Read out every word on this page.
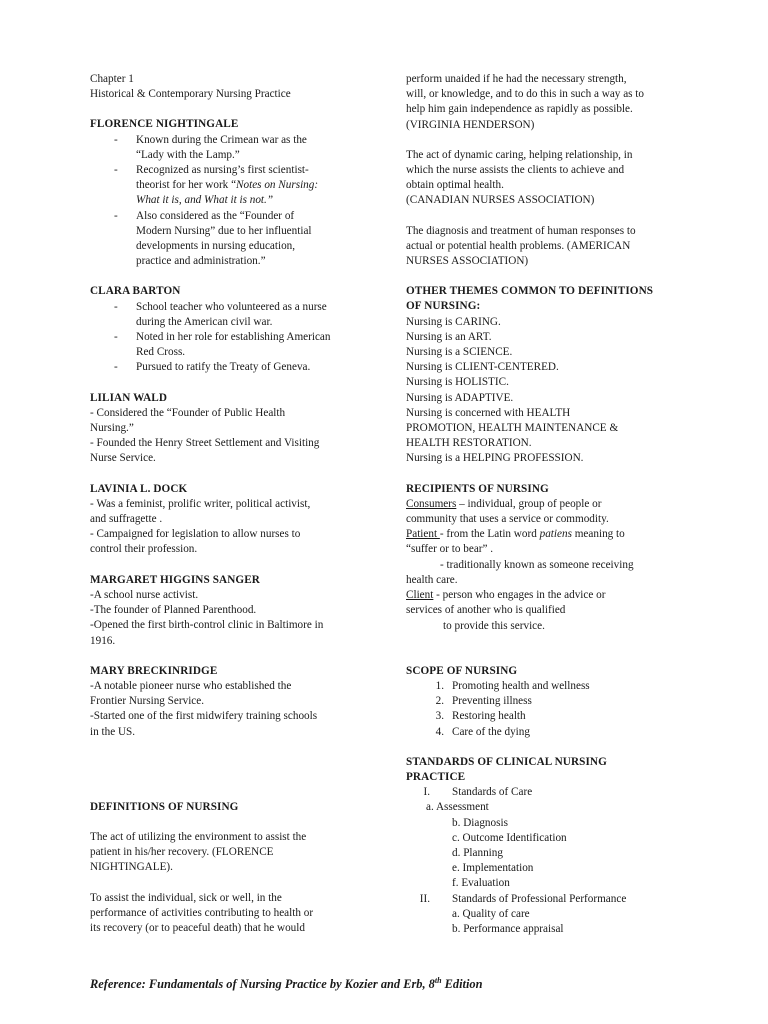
Chapter 1

Historical & Contemporary Nursing Practice

FLORENCE NIGHTINGALE

- Known during the Crimean war as the
“Lady with the Lamp.”
- Recognized as nursing’s first scientist-
theorist for her work “Notes on Nursing:
What it is, and What it is not.”
- Also considered as the “Founder of
Modern Nursing” due to her influential
developments in nursing education,
practice and administration.”

CLARA BARTON

- School teacher who volunteered as a nurse
during the American civil war.
- Noted in her role for establishing American
Red Cross.
- Pursued to ratify the Treaty of Geneva.

LILIAN WALD

- Considered the “Founder of Public Health

Nursing.”

- Founded the Henry Street Settlement and Visiting

Nurse Service.

LAVINIA L. DOCK

- Was a feminist, prolific writer, political activist,

and suffragette .

- Campaigned for legislation to allow nurses to

control their profession.

MARGARET HIGGINS SANGER

-A school nurse activist.

-The founder of Planned Parenthood.

-Opened the first birth-control clinic in Baltimore in

1916.

MARY BRECKINRIDGE

-A notable pioneer nurse who established the

Frontier Nursing Service.

-Started one of the first midwifery training schools

in the US.

DEFINITIONS OF NURSING

The act of utilizing the environment to assist the

patient in his/her recovery. (FLORENCE

NIGHTINGALE).

To assist the individual, sick or well, in the

performance of activities contributing to health or

its recovery (or to peaceful death) that he would

perform unaided if he had the necessary strength,

will, or knowledge, and to do this in such a way as to

help him gain independence as rapidly as possible.

(VIRGINIA HENDERSON)

The act of dynamic caring, helping relationship, in

which the nurse assists the clients to achieve and

obtain optimal health.

(CANADIAN NURSES ASSOCIATION)

The diagnosis and treatment of human responses to

actual or potential health problems. (AMERICAN

NURSES ASSOCIATION)

OTHER THEMES COMMON TO DEFINITIONS

OF NURSING:

Nursing is CARING.

Nursing is an ART.

Nursing is a SCIENCE.

Nursing is CLIENT-CENTERED.

Nursing is HOLISTIC.

Nursing is ADAPTIVE.

Nursing is concerned with HEALTH

PROMOTION, HEALTH MAINTENANCE &

HEALTH RESTORATION.

Nursing is a HELPING PROFESSION.

RECIPIENTS OF NURSING

Consumers – individual, group of people or

community that uses a service or commodity.

Patient - from the Latin word patiens meaning to

“suffer or to bear” .

- traditionally known as someone receiving

health care.

Client - person who engages in the advice or

services of another who is qualified

to provide this service.

SCOPE OF NURSING

1. Promoting health and wellness
2. Preventing illness
3. Restoring health
4. Care of the dying

STANDARDS OF CLINICAL NURSING

PRACTICE

I. Standards of Care

a. Assessment

b. Diagnosis

c. Outcome Identification

d. Planning

e. Implementation

f. Evaluation

II. Standards of Professional Performance

a. Quality of care

b. Performance appraisal

Reference: Fundamentals of Nursing Practice by Kozier and Erb, 8th Edition
